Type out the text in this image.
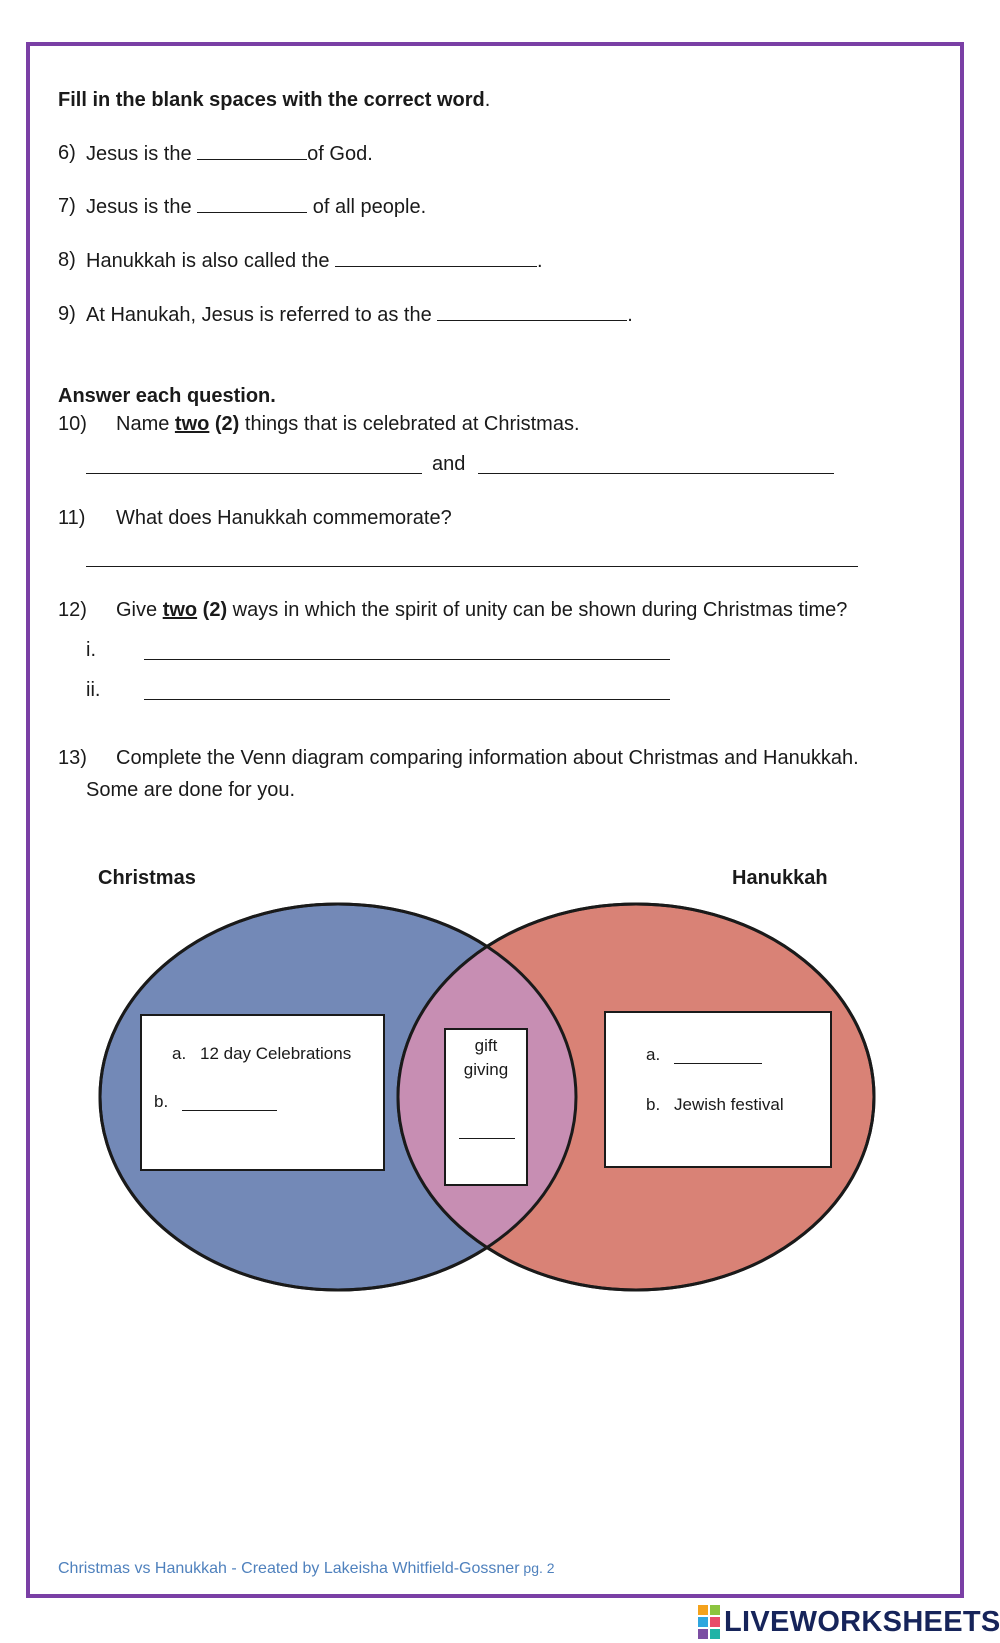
Fill in the blank spaces with the correct word.
6) Jesus is the	of God.
7) Jesus is the	of all people.
8) Hanukkah is also called the	.
9) At Hanukah, Jesus is referred to as the	.
Answer each question.
10) Name two (2) things that is celebrated at Christmas.
and
11) What does Hanukkah commemorate?
12) Give two (2) ways in which the spirit of unity can be shown during Christmas time?
i.
ii.
13) Complete the Venn diagram comparing information about Christmas and Hanukkah.
Some are done for you.
Christmas	Hanukkah
a. 12 day Celebrations
b.
gift
giving
a.
b. Jewish festival
Christmas vs Hanukkah - Created by Lakeisha Whitfield-Gossner pg. 2
LIVEWORKSHEETS
